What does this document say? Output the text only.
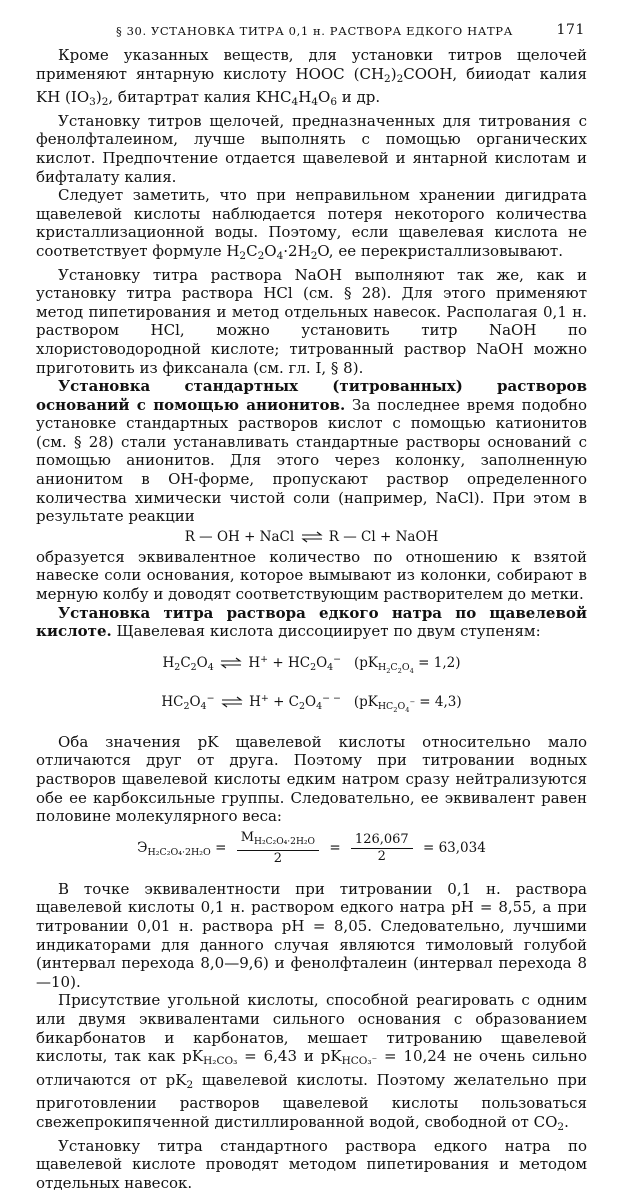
§ 30. УСТАНОВКА ТИТРА 0,1 н. РАСТВОРА ЕДКОГО НАТРА	171

Кроме указанных веществ, для установки титров щелочей применяют янтарную кислоту НООС $(CH_2)_2COOH$, бииодат калия KH $(IO_3)_2$, битартрат калия $KHC_4H_4O_6$ и др.

Установку титров щелочей, предназначенных для титрования с фенолфталеином, лучше выполнять с помощью органических кислот. Предпочтение отдается щавелевой и янтарной кислотам и бифталату калия.

Следует заметить, что при неправильном хранении дигидрата щавелевой кислоты наблюдается потеря некоторого количества кристаллизационной воды. Поэтому, если щавелевая кислота не соответствует формуле $H_2C_2O_4\cdot 2H_2O$, ее перекристаллизовывают.

Установку титра раствора NaOH выполняют так же, как и установку титра раствора HCl (см. § 28). Для этого применяют метод пипетирования и метод отдельных навесок. Располагая 0,1 н. раствором HCl, можно установить титр NaOH по хлористоводородной кислоте; титрованный раствор NaOH можно приготовить из фиксанала (см. гл. I, § 8).

Установка стандартных (титрованных) растворов оснований с помощью анионитов. За последнее время подобно установке стандартных растворов кислот с помощью катионитов (см. § 28) стали устанавливать стандартные растворы оснований с помощью анионитов. Для этого через колонку, заполненную анионитом в OH-форме, пропускают раствор определенного количества химически чистой соли (например, NaCl). При этом в результате реакции

R — OH + NaCl ⇌ R — Cl + NaOH

образуется эквивалентное количество по отношению к взятой навеске соли основания, которое вымывают из колонки, собирают в мерную колбу и доводят соответствующим растворителем до метки.

Установка титра раствора едкого натра по щавелевой кислоте. Щавелевая кислота диссоциирует по двум ступеням:

$H_2C_2O_4$ ⇌ $H^+ + HC_2O_4^-$ $(pK_{H_2C_2O_4} = 1,2)$
$HC_2O_4^-$ ⇌ $H^+ + C_2O_4^{- -}$ $(pK_{HC_2O_4^-} = 4,3)$

Оба значения pK щавелевой кислоты относительно мало отличаются друг от друга. Поэтому при титровании водных растворов щавелевой кислоты едким натром сразу нейтрализуются обе ее карбоксильные группы. Следовательно, ее эквивалент равен половине молекулярного веса:

$Э_{H_2C_2O_4\cdot 2H_2O} = \frac{M_{H_2C_2O_4\cdot 2H_2O}}{2} = \frac{126,067}{2} = 63,034$

В точке эквивалентности при титровании 0,1 н. раствора щавелевой кислоты 0,1 н. раствором едкого натра pH = 8,55, а при титровании 0,01 н. раствора pH = 8,05. Следовательно, лучшими индикаторами для данного случая являются тимоловый голубой (интервал перехода 8,0—9,6) и фенолфталеин (интервал перехода 8—10).

Присутствие угольной кислоты, способной реагировать с одним или двумя эквивалентами сильного основания с образованием бикарбонатов и карбонатов, мешает титрованию щавелевой кислоты, так как $pK_{H_2CO_3} = 6,43$ и $pK_{HCO_3^-} = 10,24$ не очень сильно отличаются от $pK_2$ щавелевой кислоты. Поэтому желательно при приготовлении растворов щавелевой кислоты пользоваться свежепрокипяченной дистиллированной водой, свободной от $CO_2$.

Установку титра стандартного раствора едкого натра по щавелевой кислоте проводят методом пипетирования и методом отдельных навесок.
